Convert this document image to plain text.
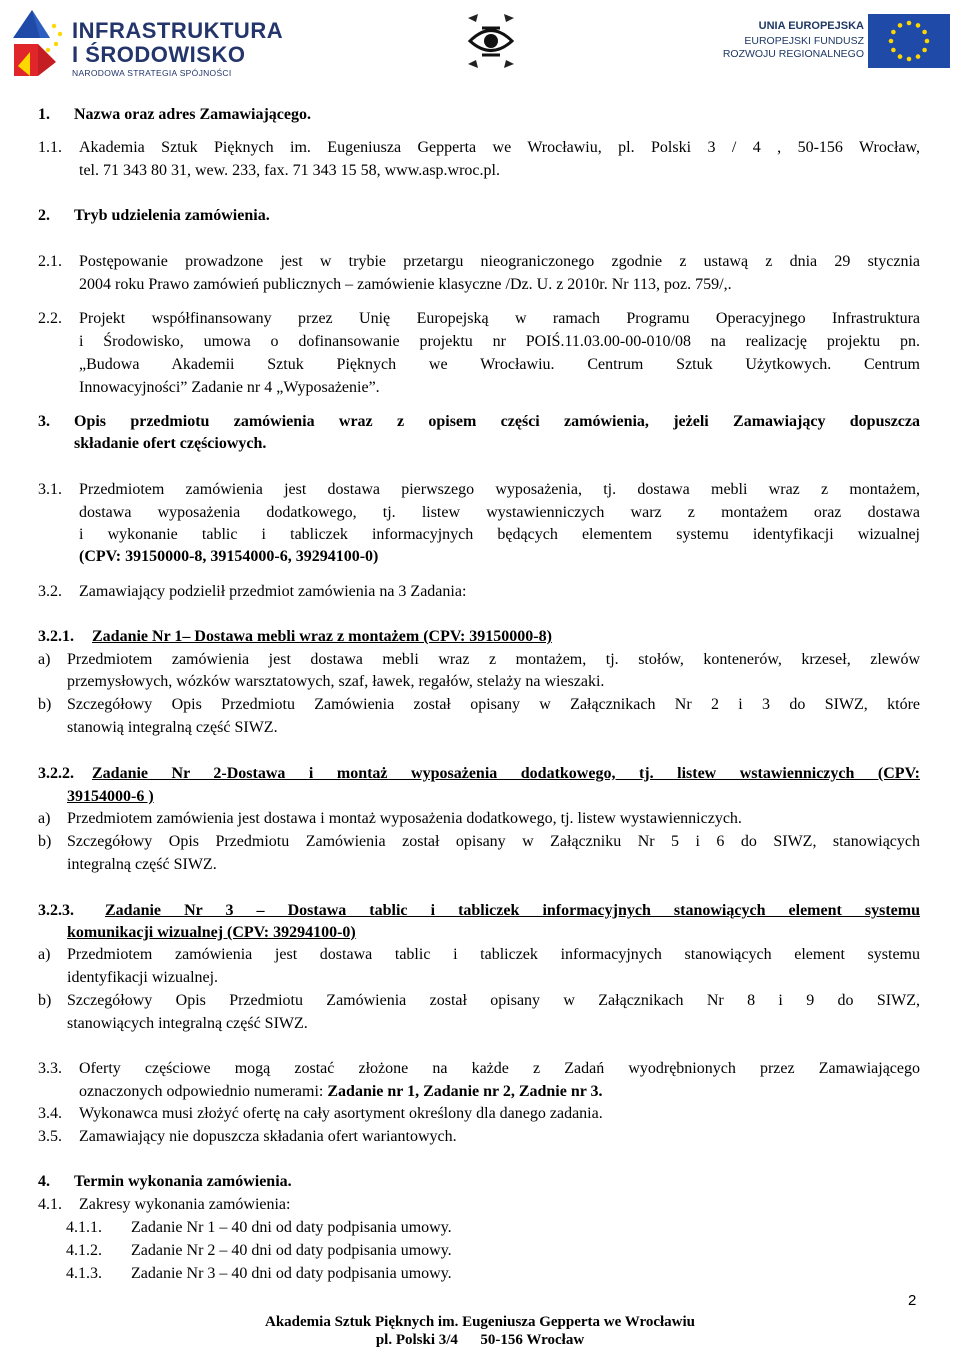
INFRASTRUKTURA
I ŚRODOWISKO
NARODOWA STRATEGIA SPÓJNOŚCI
UNIA EUROPEJSKA
EUROPEJSKI FUNDUSZ
ROZWOJU REGIONALNEGO
1. Nazwa oraz adres Zamawiającego.
1.1. Akademia Sztuk Pięknych im. Eugeniusza Gepperta we Wrocławiu, pl. Polski 3 / 4 , 50-156 Wrocław,
tel. 71 343 80 31, wew. 233, fax. 71 343 15 58, www.asp.wroc.pl.
2. Tryb udzielenia zamówienia.
2.1. Postępowanie prowadzone jest w trybie przetargu nieograniczonego zgodnie z ustawą z dnia 29 stycznia
2004 roku Prawo zamówień publicznych – zamówienie klasyczne /Dz. U. z 2010r. Nr 113, poz. 759/,.
2.2. Projekt współfinansowany przez Unię Europejską w ramach Programu Operacyjnego Infrastruktura
i Środowisko, umowa o dofinansowanie projektu nr POIŚ.11.03.00-00-010/08 na realizację projektu pn.
„Budowa Akademii Sztuk Pięknych we Wrocławiu. Centrum Sztuk Użytkowych. Centrum
Innowacyjności” Zadanie nr 4 „Wyposażenie”.
3. Opis przedmiotu zamówienia wraz z opisem części zamówienia, jeżeli Zamawiający dopuszcza
składanie ofert częściowych.
3.1. Przedmiotem zamówienia jest dostawa pierwszego wyposażenia, tj. dostawa mebli wraz z montażem,
dostawa wyposażenia dodatkowego, tj. listew wystawienniczych warz z montażem oraz dostawa
i wykonanie tablic i tabliczek informacyjnych będących elementem systemu identyfikacji wizualnej
(CPV: 39150000-8, 39154000-6, 39294100-0)
3.2. Zamawiający podzielił przedmiot zamówienia na 3 Zadania:
3.2.1. Zadanie Nr 1– Dostawa mebli wraz z montażem (CPV: 39150000-8)
a) Przedmiotem zamówienia jest dostawa mebli wraz z montażem, tj. stołów, kontenerów, krzeseł, zlewów
przemysłowych, wózków warsztatowych, szaf, ławek, regałów, stelaży na wieszaki.
b) Szczegółowy Opis Przedmiotu Zamówienia został opisany w Załącznikach Nr 2 i 3 do SIWZ, które
stanowią integralną część SIWZ.
3.2.2. Zadanie Nr 2-Dostawa i montaż wyposażenia dodatkowego, tj. listew wstawienniczych (CPV:
39154000-6 )
a) Przedmiotem zamówienia jest dostawa i montaż wyposażenia dodatkowego, tj. listew wystawienniczych.
b) Szczegółowy Opis Przedmiotu Zamówienia został opisany w Załączniku Nr 5 i 6 do SIWZ, stanowiących
integralną część SIWZ.
3.2.3. Zadanie Nr 3 – Dostawa tablic i tabliczek informacyjnych stanowiących element systemu
komunikacji wizualnej (CPV: 39294100-0)
a) Przedmiotem zamówienia jest dostawa tablic i tabliczek informacyjnych stanowiących element systemu
identyfikacji wizualnej.
b) Szczegółowy Opis Przedmiotu Zamówienia został opisany w Załącznikach Nr 8 i 9 do SIWZ,
stanowiących integralną część SIWZ.
3.3. Oferty częściowe mogą zostać złożone na każde z Zadań wyodrębnionych przez Zamawiającego
oznaczonych odpowiednio numerami: Zadanie nr 1, Zadanie nr 2, Zadnie nr 3.
3.4. Wykonawca musi złożyć ofertę na cały asortyment określony dla danego zadania.
3.5. Zamawiający nie dopuszcza składania ofert wariantowych.
4. Termin wykonania zamówienia.
4.1. Zakresy wykonania zamówienia:
4.1.1. Zadanie Nr 1 – 40 dni od daty podpisania umowy.
4.1.2. Zadanie Nr 2 – 40 dni od daty podpisania umowy.
4.1.3. Zadanie Nr 3 – 40 dni od daty podpisania umowy.
2
Akademia Sztuk Pięknych im. Eugeniusza Gepperta we Wrocławiu
pl. Polski 3/4      50-156 Wrocław
